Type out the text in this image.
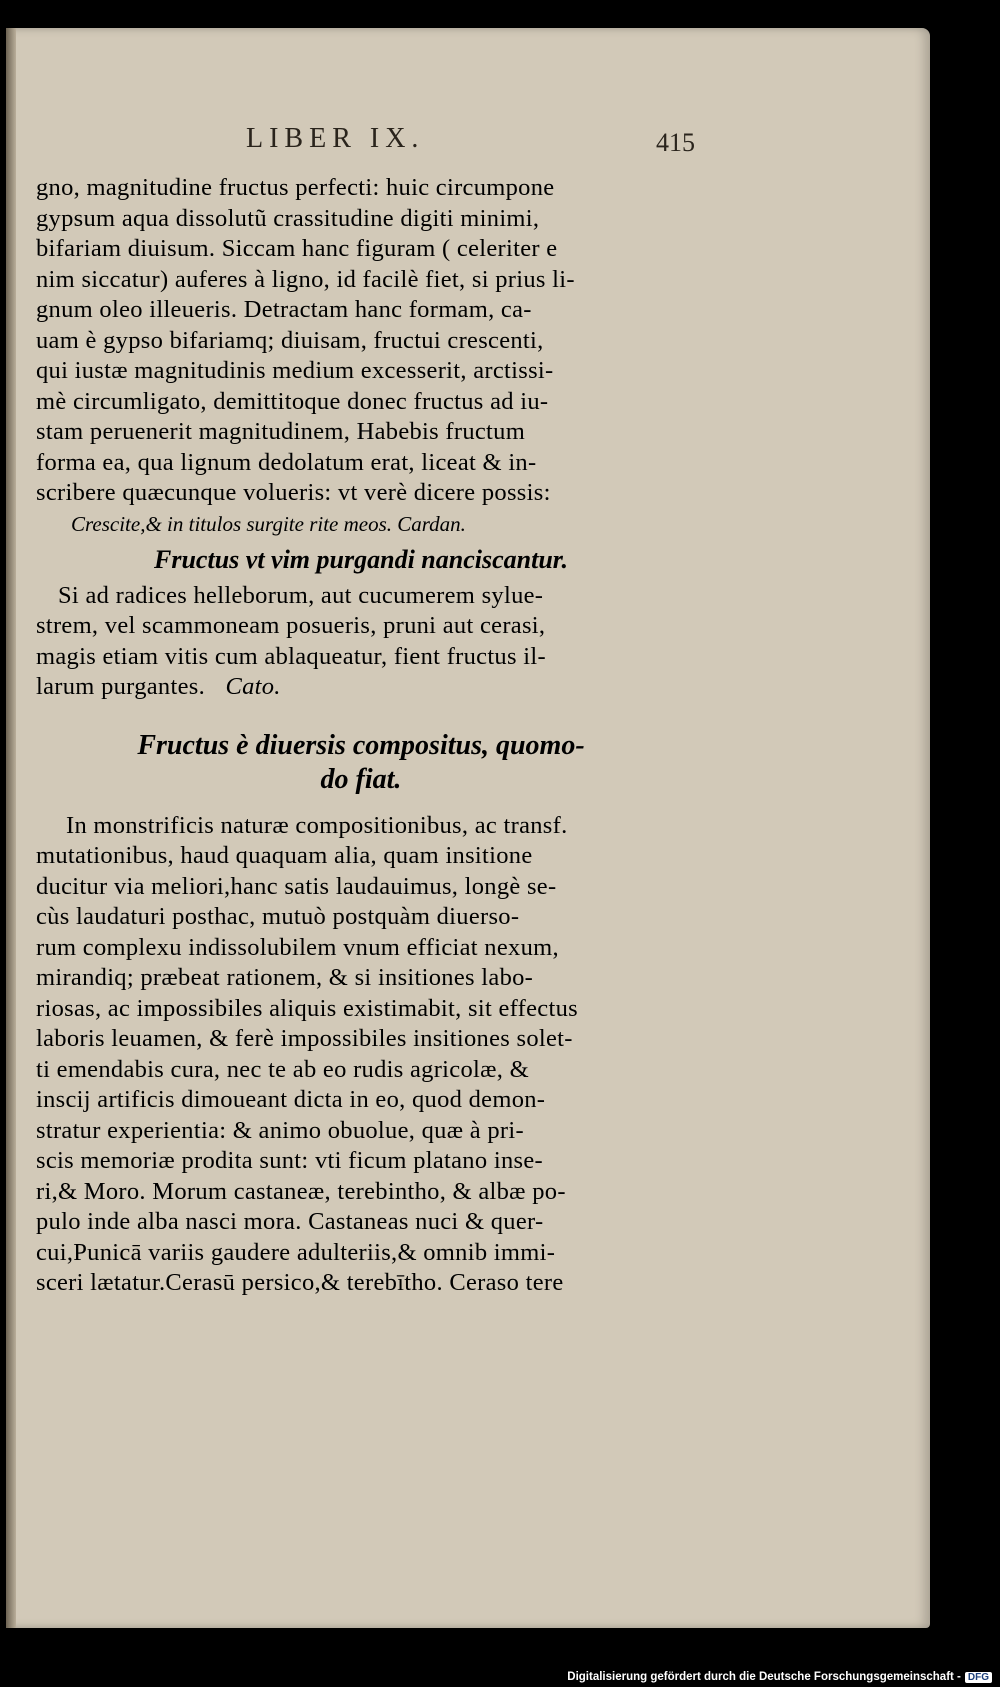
LIBER IX.	415
gno, magnitudine fructus perfecti: huic circumpone
gypsum aqua dissolutũ crassitudine digiti minimi,
bifariam diuisum. Siccam hanc figuram ( celeriter e
nim siccatur) auferes à ligno, id facilè fiet, si prius li-
gnum oleo illeueris. Detractam hanc formam, ca-
uam è gypso bifariamq; diuisam, fructui crescenti,
qui iustæ magnitudinis medium excesserit, arctissi-
mè circumligato, demittitoque donec fructus ad iu-
stam peruenerit magnitudinem, Habebis fructum
forma ea, qua lignum dedolatum erat, liceat & in-
scribere quæcunque volueris: vt verè dicere possis:
Crescite,& in titulos surgite rite meos. Cardan.
Fructus vt vim purgandi nanciscantur.
Si ad radices helleborum, aut cucumerem sylue-
strem, vel scammoneam posueris, pruni aut cerasi,
magis etiam vitis cum ablaqueatur, fient fructus il-
larum purgantes. Cato.
Fructus è diuersis compositus, quomo-
do fiat.
In monstrificis naturæ compositionibus, ac transf.
mutationibus, haud quaquam alia, quam insitione
ducitur via meliori,hanc satis laudauimus, longè se-
cùs laudaturi posthac, mutuò postquàm diuerso-
rum complexu indissolubilem vnum efficiat nexum,
mirandiq; præbeat rationem, & si insitiones labo-
riosas, ac impossibiles aliquis existimabit, sit effectus
laboris leuamen, & ferè impossibiles insitiones solet-
ti emendabis cura, nec te ab eo rudis agricolæ, &
inscij artificis dimoueant dicta in eo, quod demon-
stratur experientia: & animo obuolue, quæ à pri-
scis memoriæ prodita sunt: vti ficum platano inse-
ri,& Moro. Morum castaneæ, terebintho, & albæ po-
pulo inde alba nasci mora. Castaneas nuci & quer-
cui,Punicā variis gaudere adulteriis,& omnib immi-
sceri lætatur.Cerasū persico,& terebītho. Ceraso tere
Digitalisierung gefördert durch die Deutsche Forschungsgemeinschaft - DFG
